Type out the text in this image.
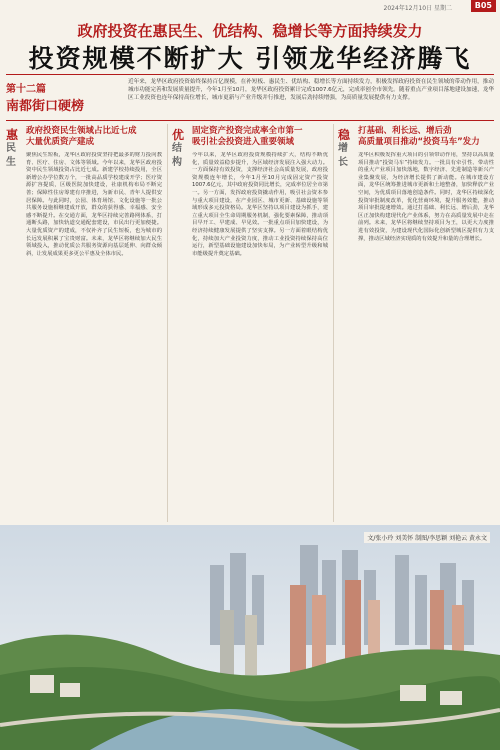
2024年12月10日 星期二	B05
政府投资在惠民生、优结构、稳增长等方面持续发力
投资规模不断扩大 引领龙华经济腾飞
第十二篇
南都街口硬榜
近年来，龙华区政府投资始终保持百亿规模，在补短板、惠民生、优结构、稳增长等方面持续发力，积极发挥政府投资在民生领域的带动作用，推动城市功能完善和发展质量提升，今年1月至10月，龙华区政府投资累计完成1007.6亿元，完成率创全市领先。随着重点产业项目落地建设加速，龙华区工业投资也连年保持高位增长，城市更新与产业升级并行推进，发展后劲持续增强，为高质量发展提供有力支撑。
惠
民生
政府投资民生领域占比近七成
大量优质资产建成
聚焦民生短板，龙华区政府投资坚持把最多的财力投向教育、医疗、住房、文体等领域。今年以来，龙华区政府投资中民生领域投资占比近七成。新建学校持续投用，全区新增公办学位数万个，一批高品质学校建成开学；医疗资源扩容提质，区级医院加快建设，社康机构布局不断完善；保障性住房筹建有序推进，为新市民、青年人提供安居保障。与此同时，公园、体育场馆、文化设施等一批公共服务设施相继建成开放，群众的获得感、幸福感、安全感不断提升。在交通方面，龙华区持续完善路网体系，打通断头路，加快轨道交通配套建设，市民出行更加便捷。大量优质资产的建成，不仅补齐了民生短板，也为城市的长远发展积累了宝贵财富。未来，龙华区将继续加大民生领域投入，推动优质公共服务资源向基层延伸、向群众倾斜，让发展成果更多更公平惠及全体市民。
优
结构
固定资产投资完成率全市第一
吸引社会投资进入重要领域
今年以来，龙华区政府投资规模持续扩大，结构不断优化，质量效益稳步提升，为区域经济发展注入强大动力。一方面保持有效投资，支撑经济社会高质量发展，政府投资规模连年增长，今年1月至10月完成固定资产投资1007.6亿元，其中政府投资同比增长，完成率位居全市第一。另一方面，发挥政府投资撬动作用，吸引社会资本参与重大项目建设，在产业园区、城市更新、基础设施等领域形成多元投资格局。龙华区坚持以项目建设为抓手，建立重大项目全生命周期服务机制，强化要素保障，推动项目早开工、早建成、早见效。一批重点项目加快建设，为经济持续健康发展提供了坚实支撑。另一方面着眼结构优化，持续加大产业投资力度，推动工业投资持续保持高位运行，新型基础设施建设加快布局，为产业转型升级和城市能级提升奠定基础。
稳
增长
打基础、利长远、增后劲
高质量项目推动“投资马车”发力
龙华区积极发挥重大项目的引领带动作用，坚持以高质量项目推动“投资马车”持续发力。一批具有牵引性、带动性的重大产业项目加快落地，数字经济、先进制造等新兴产业集聚发展，为经济增长提供了新动能。在城市建设方面，龙华区统筹推进城市更新和土地整备，加快释放产业空间，为优质项目落地创造条件。同时，龙华区持续深化投资审批制度改革，优化营商环境，提升服务效能，推动项目审批提速增效。通过打基础、利长远、增后劲，龙华区正加快构建现代化产业体系，努力在高质量发展中走在前列。未来，龙华区将继续坚持项目为王，以更大力度推进有效投资，为建设现代化国际化创新型城区提供有力支撑，推动区域经济实现质的有效提升和量的合理增长。
文/张小玲 刘美怀 制图/李思颖 刘艳云 黄永文
